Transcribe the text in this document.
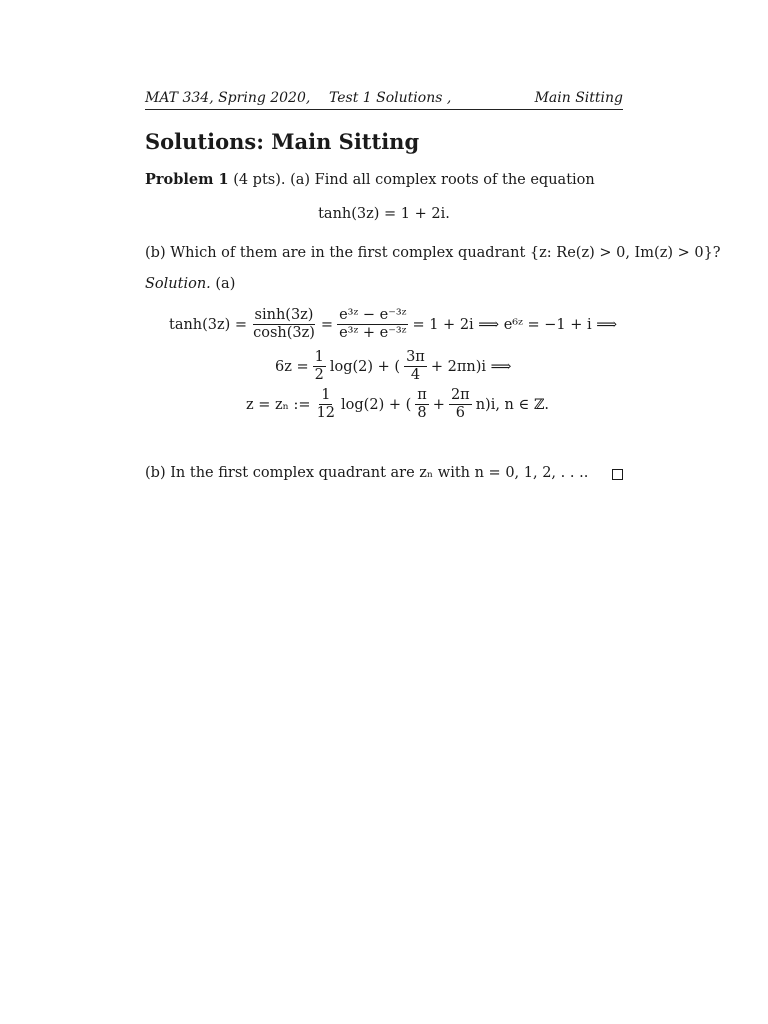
MAT 334, Spring 2020, Test 1 Solutions ,	Main Sitting
Solutions: Main Sitting
Problem 1 (4 pts). (a) Find all complex roots of the equation
tanh(3z) = 1 + 2i.
(b) Which of them are in the first complex quadrant {z: Re(z) > 0, Im(z) > 0}?
Solution. (a)
$\tanh(3z) = \frac{\sinh(3z)}{\cosh(3z)} = \frac{\text{e³ᶻ − e⁻³ᶻ}}{\text{e³ᶻ + e⁻³ᶻ}} = 1 + 2i$ ⟹ e⁶ᶻ = −1 + i ⟹
$6z = \frac{1}{2} \log(2)$ + ( $\frac{3\pi}{4} + 2\pi n)i$ ⟹
z = zₙ := $\frac{1}{12} \log(2)$ + ( $\frac{\pi}{8} + \frac{2\pi}{6} n)i$, n ∈ ℤ.
(b) In the first complex quadrant are zₙ with n = 0, 1, 2, . . ..
